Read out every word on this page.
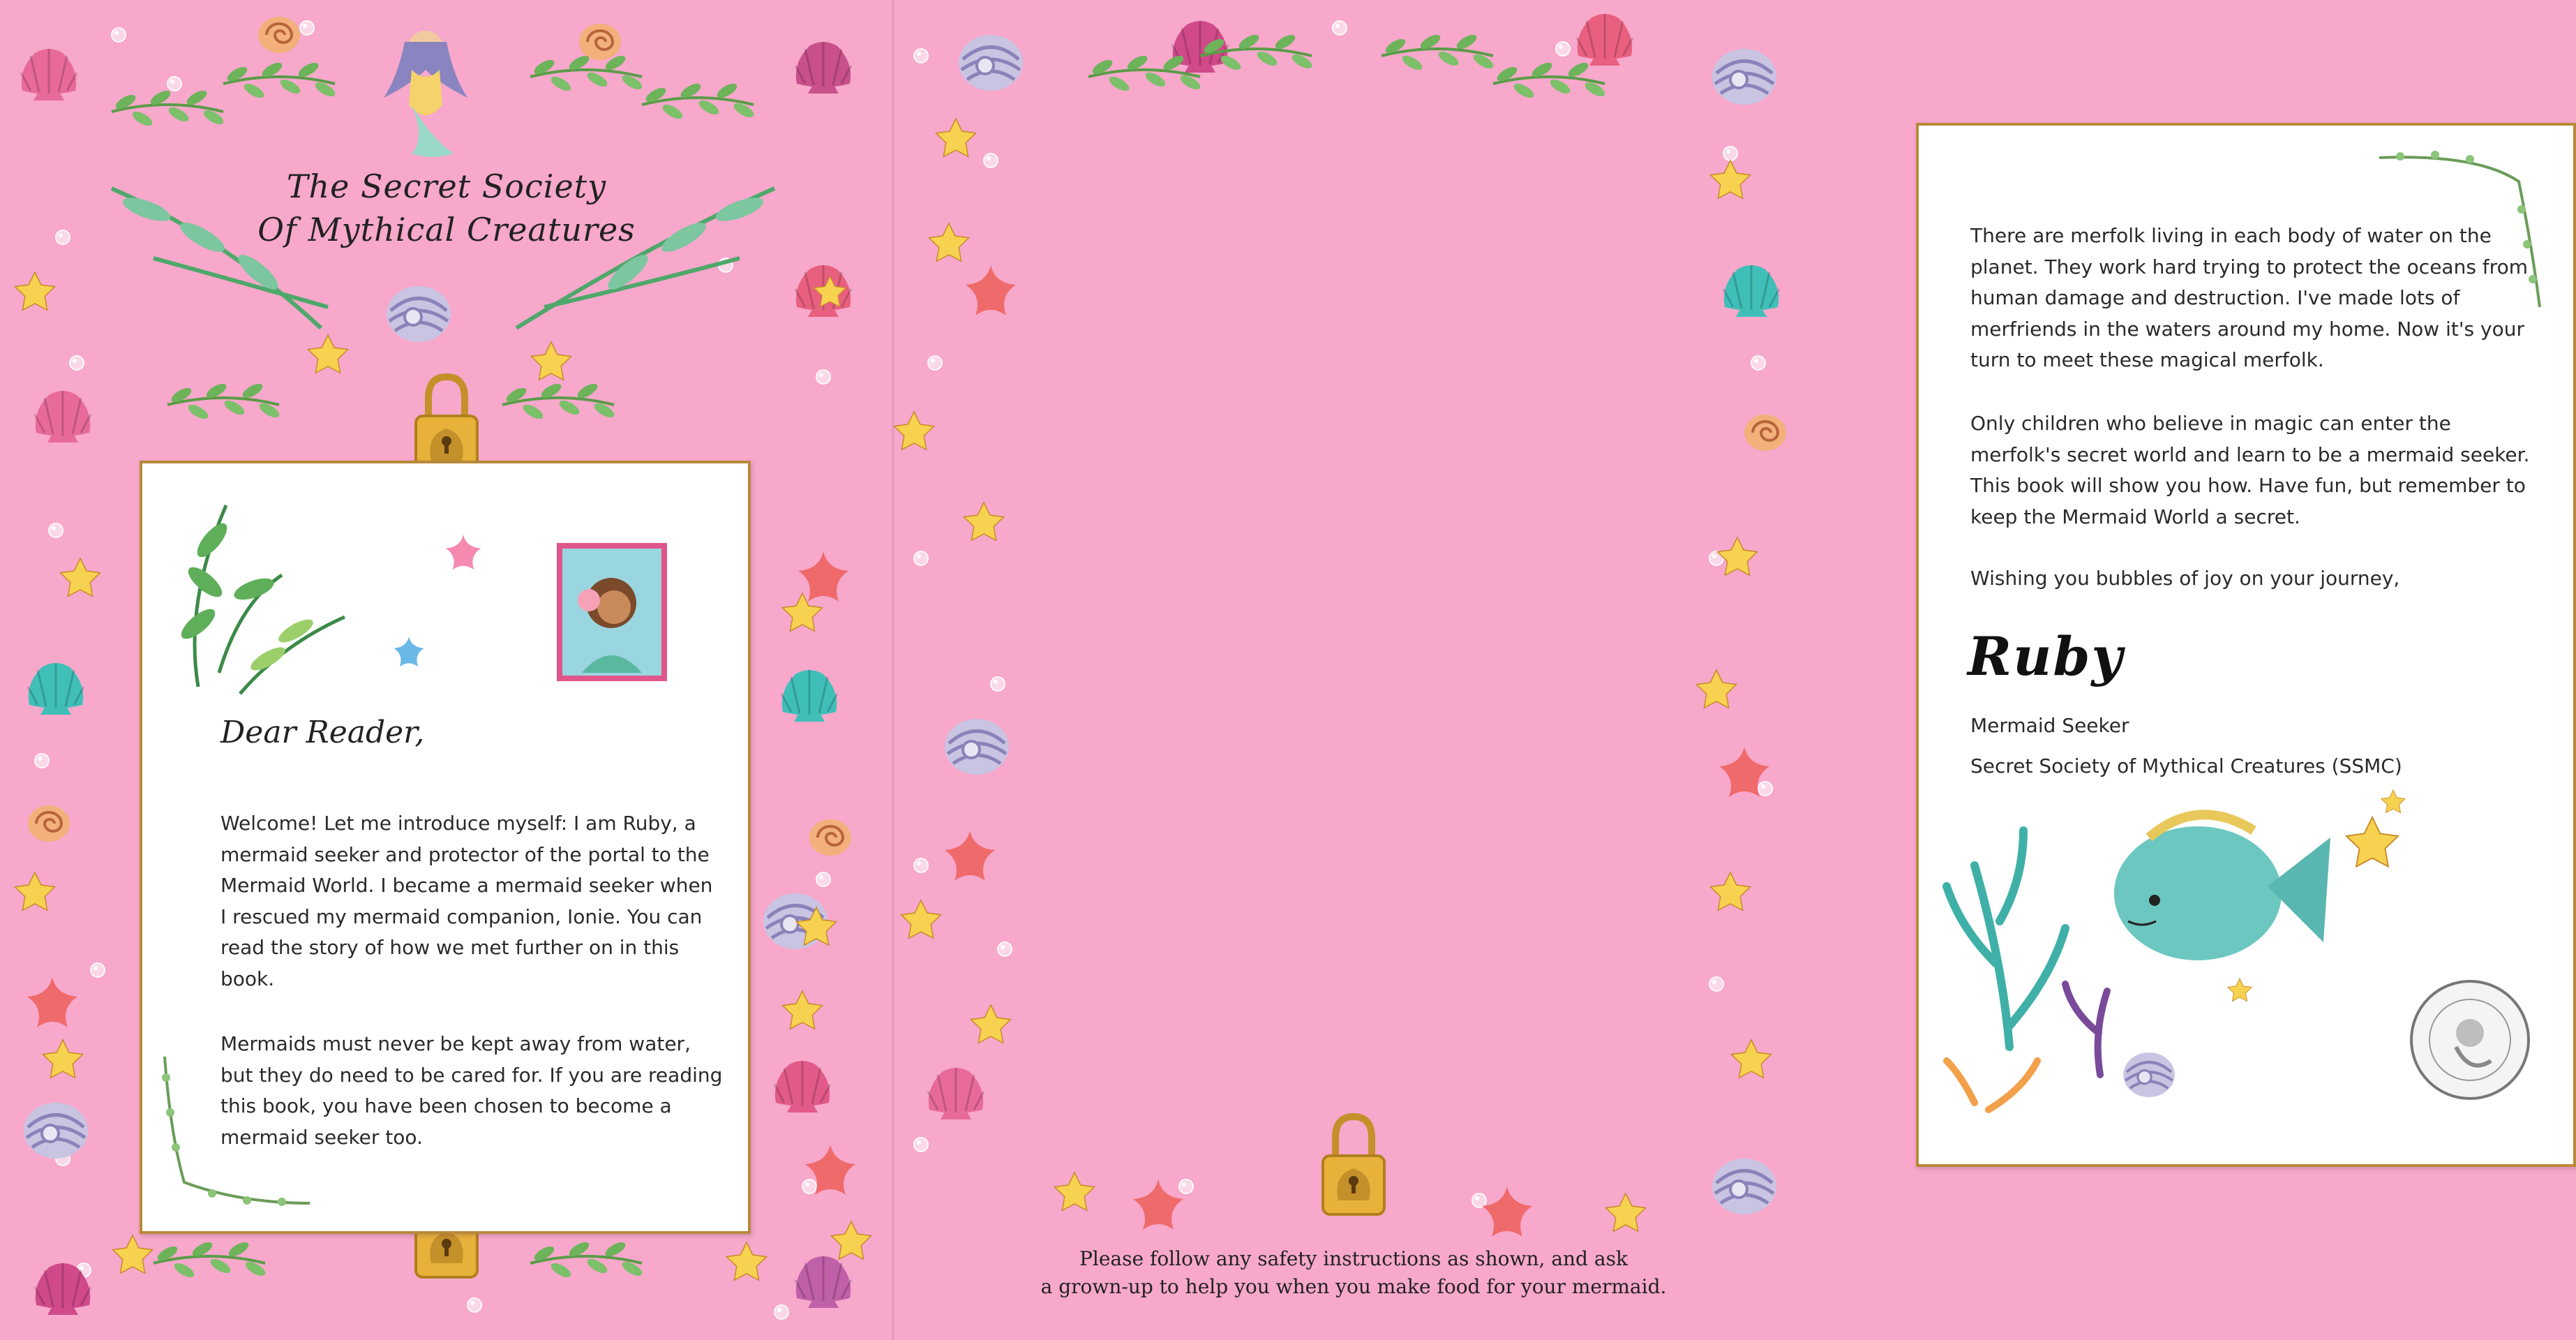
The Secret Society
Of Mythical Creatures
Dear Reader,

Welcome! Let me introduce myself: I am Ruby, a mermaid seeker and protector of the portal to the Mermaid World. I became a mermaid seeker when I rescued my mermaid companion, Ionie. You can read the story of how we met further on in this book.

Mermaids must never be kept away from water, but they do need to be cared for. If you are reading this book, you have been chosen to become a mermaid seeker too.

There are merfolk living in each body of water on the planet. They work hard trying to protect the oceans from human damage and destruction. I've made lots of merfriends in the waters around my home. Now it's your turn to meet these magical merfolk.

Only children who believe in magic can enter the merfolk's secret world and learn to be a mermaid seeker. This book will show you how. Have fun, but remember to keep the Mermaid World a secret.

Wishing you bubbles of joy on your journey,

Ruby

Mermaid Seeker

Secret Society of Mythical Creatures (SSMC)

Please follow any safety instructions as shown, and ask
a grown-up to help you when you make food for your mermaid.
